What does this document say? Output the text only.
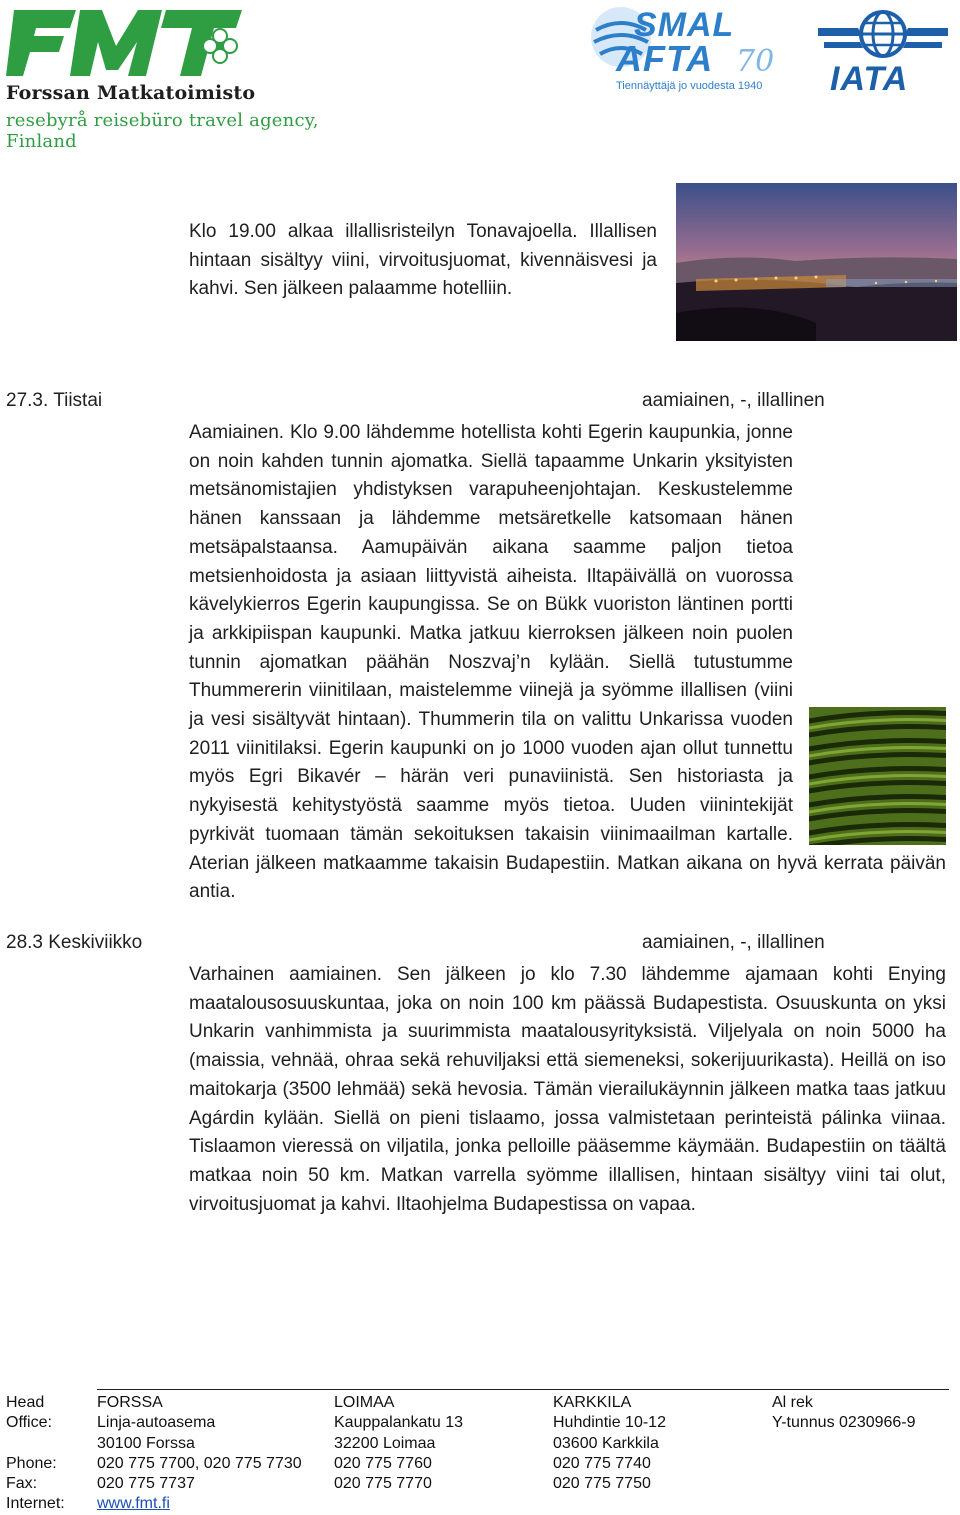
Forssan Matkatoimisto
resebyrå reisebüro travel agency, Finland
SMAL
AFTA 70
Tiennäyttäjä jo vuodesta 1940 IATA
Klo 19.00 alkaa illallisristeilyn Tonavajoella. Illallisen hintaan sisältyy viini, virvoitusjuomat, kivennäisvesi ja kahvi. Sen jälkeen palaamme hotelliin.
27.3. Tiistai	aamiainen, -, illallinen
Aamiainen. Klo 9.00 lähdemme hotellista kohti Egerin kaupunkia, jonne on noin kahden tunnin ajomatka. Siellä tapaamme Unkarin yksityisten metsänomistajien yhdistyksen varapuheenjohtajan. Keskustelemme hänen kanssaan ja lähdemme metsäretkelle katsomaan hänen metsäpalstaansa. Aamupäivän aikana saamme paljon tietoa metsienhoidosta ja asiaan liittyvistä aiheista. Iltapäivällä on vuorossa kävelykierros Egerin kaupungissa. Se on Bükk vuoriston läntinen portti ja arkkipiispan kaupunki. Matka jatkuu kierroksen jälkeen noin puolen tunnin ajomatkan päähän Noszvaj’n kylään. Siellä tutustumme Thummererin viinitilaan, maistelemme viinejä ja syömme illallisen (viini ja vesi sisältyvät hintaan). Thummerin tila on valittu Unkarissa vuoden 2011 viinitilaksi. Egerin kaupunki on jo 1000 vuoden ajan ollut tunnettu myös Egri Bikavér – härän veri punaviinistä. Sen historiasta ja nykyisestä kehitystyöstä saamme myös tietoa. Uuden viinintekijät pyrkivät tuomaan tämän sekoituksen takaisin viinimaailman kartalle. Aterian jälkeen matkaamme takaisin Budapestiin. Matkan aikana on hyvä kerrata päivän antia.
28.3 Keskiviikko	aamiainen, -, illallinen
Varhainen aamiainen. Sen jälkeen jo klo 7.30 lähdemme ajamaan kohti Enying maatalousosuuskuntaa, joka on noin 100 km päässä Budapestista. Osuuskunta on yksi Unkarin vanhimmista ja suurimmista maatalousyrityksistä. Viljelyala on noin 5000 ha (maissia, vehnää, ohraa sekä rehuviljaksi että siemeneksi, sokerijuurikasta). Heillä on iso maitokarja (3500 lehmää) sekä hevosia. Tämän vierailukäynnin jälkeen matka taas jatkuu Agárdin kylään. Siellä on pieni tislaamo, jossa valmistetaan perinteistä pálinka viinaa. Tislaamon vieressä on viljatila, jonka pelloille pääsemme käymään. Budapestiin on täältä matkaa noin 50 km. Matkan varrella syömme illallisen, hintaan sisältyy viini tai olut, virvoitusjuomat ja kahvi. Iltaohjelma Budapestissa on vapaa.
Head
Office:
Phone:
Fax:
Internet:
FORSSA
Linja-autoasema
30100 Forssa
020 775 7700, 020 775 7730
020 775 7737
www.fmt.fi
LOIMAA
Kauppalankatu 13
32200 Loimaa
020 775 7760
020 775 7770
KARKKILA
Huhdintie 10-12
03600 Karkkila
020 775 7740
020 775 7750
Al rek
Y-tunnus 0230966-9
